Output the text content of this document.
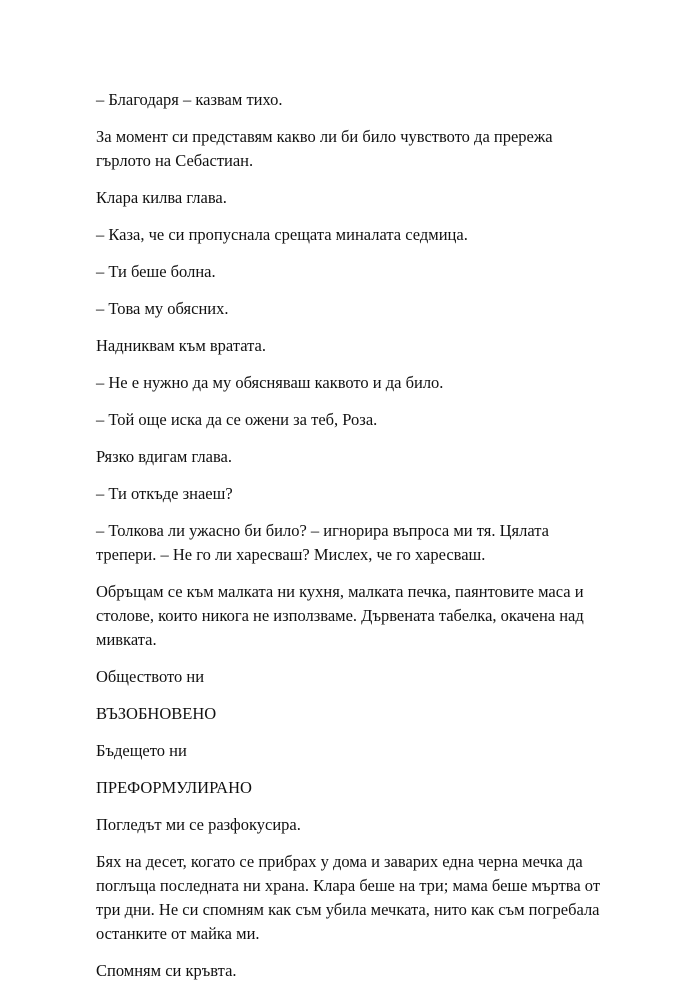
– Благодаря – казвам тихо.

За момент си представям какво ли би било чувството да прережа
гърлото на Себастиан.

Клара килва глава.

– Каза, че си пропуснала срещата миналата седмица.

– Ти беше болна.

– Това му обясних.

Надниквам към вратата.

– Не е нужно да му обясняваш каквото и да било.

– Той още иска да се ожени за теб, Роза.

Рязко вдигам глава.

– Ти откъде знаеш?

– Толкова ли ужасно би било? – игнорира въпроса ми тя. Цялата
трепери. – Не го ли харесваш? Мислех, че го харесваш.

Обръщам се към малката ни кухня, малката печка, паянтовите маса и
столове, които никога не използваме. Дървената табелка, окачена над
мивката.

Обществото ни

ВЪЗОБНОВЕНО

Бъдещето ни

ПРЕФОРМУЛИРАНО

Погледът ми се разфокусира.

Бях на десет, когато се прибрах у дома и заварих една черна мечка да
поглъща последната ни храна. Клара беше на три; мама беше мъртва от
три дни. Не си спомням как съм убила мечката, нито как съм погребала
останките от майка ми.

Спомням си кръвта.
